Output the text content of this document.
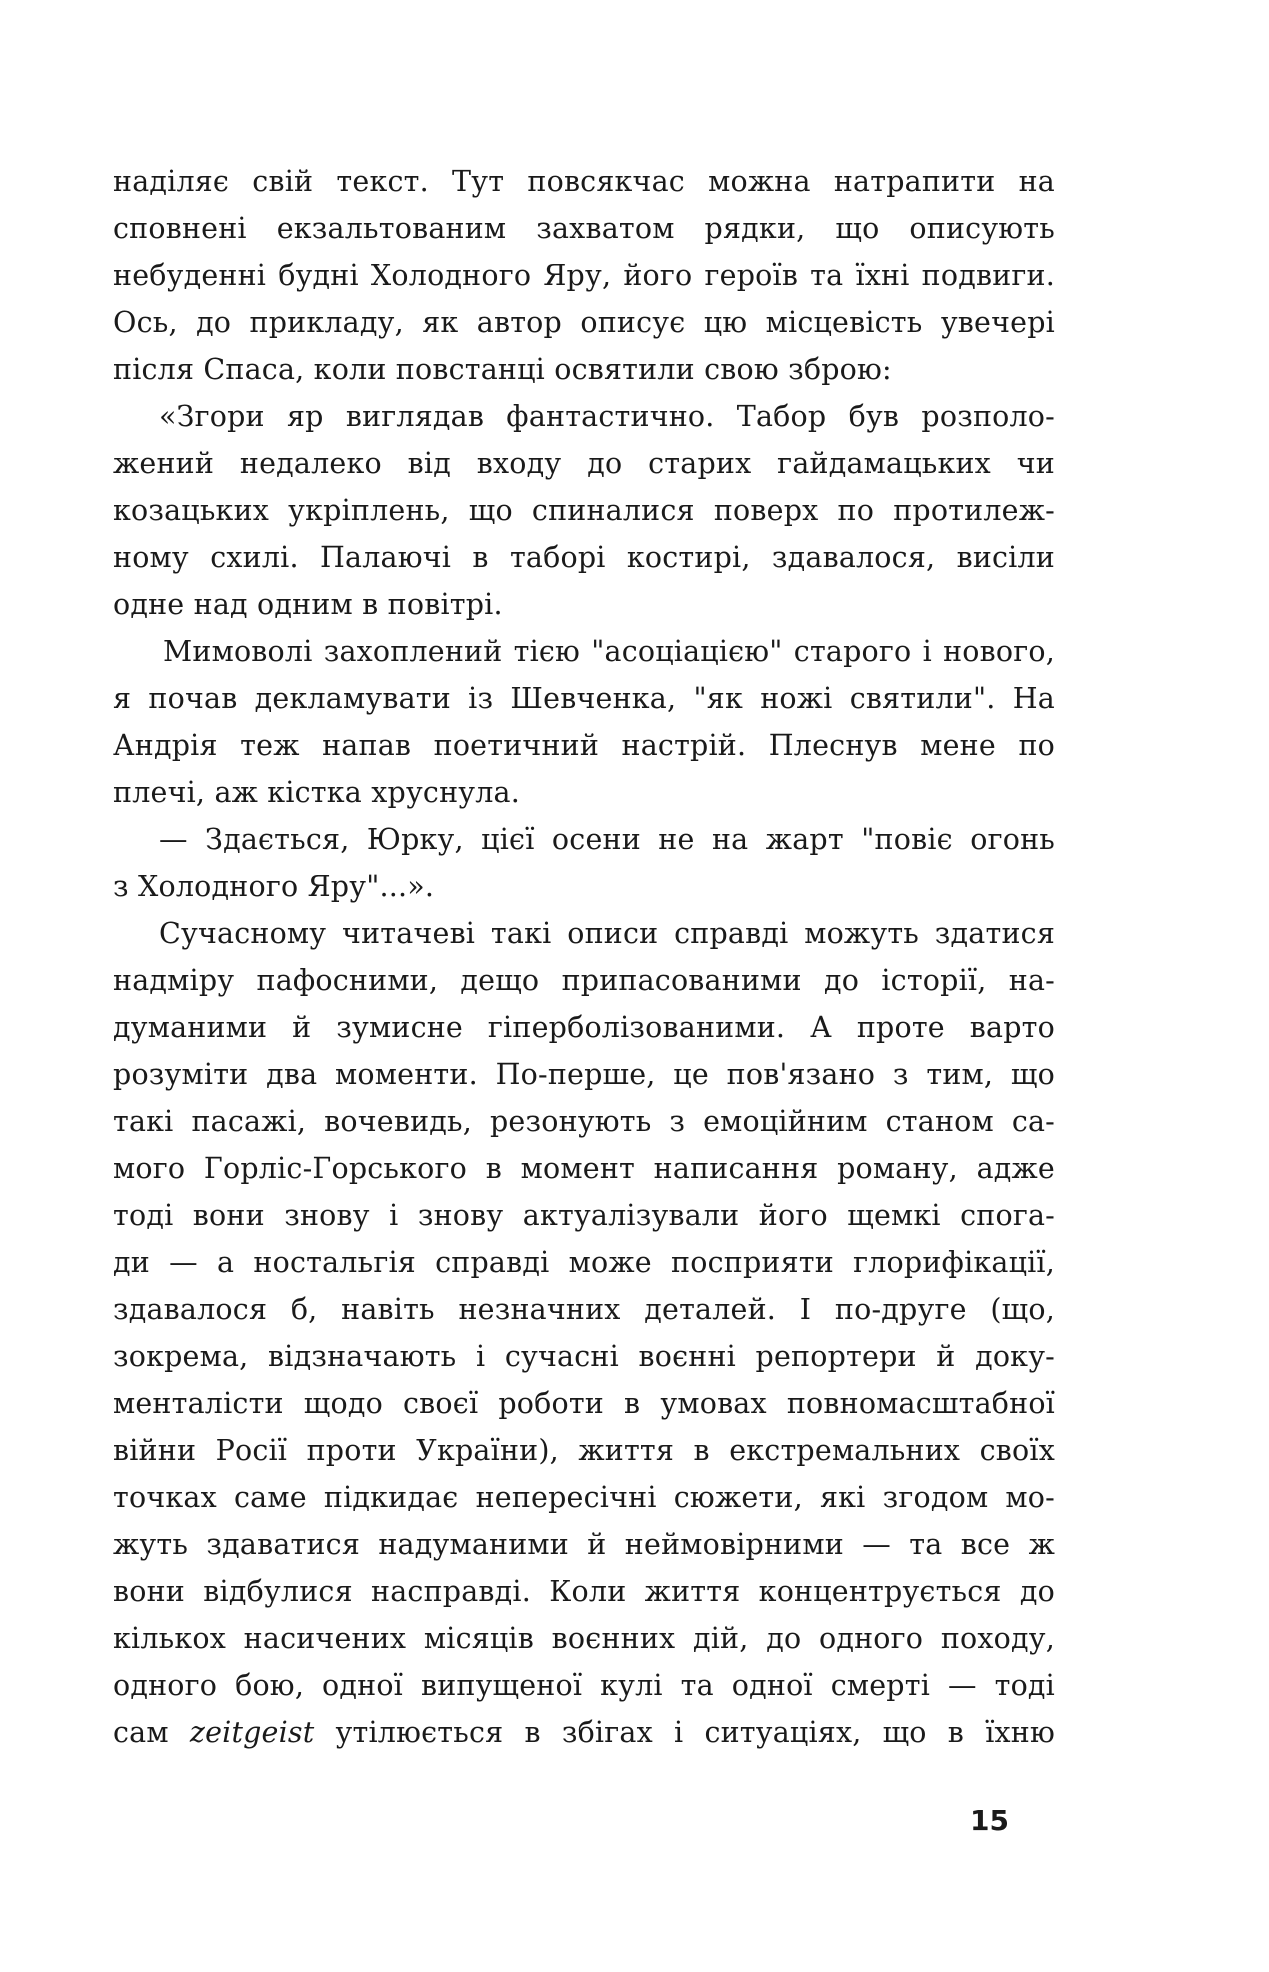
наділяє свій текст. Тут повсякчас можна натрапити на
сповнені екзальтованим захватом рядки, що описують
небуденні будні Холодного Яру, його героїв та їхні подвиги.
Ось, до прикладу, як автор описує цю місцевість увечері
після Спаса, коли повстанці освятили свою зброю:
«Згори яр виглядав фантастично. Табор був розполо-
жений недалеко від входу до старих гайдамацьких чи
козацьких укріплень, що спиналися поверх по протилеж-
ному схилі. Палаючі в таборі костирі, здавалося, висіли
одне над одним в повітрі.
Мимоволі захоплений тією "асоціацією" старого і нового,
я почав декламувати із Шевченка, "як ножі святили". На
Андрія теж напав поетичний настрій. Плеснув мене по
плечі, аж кістка хруснула.
— Здається, Юрку, цієї осени не на жарт "повіє огонь
з Холодного Яру"...».
Сучасному читачеві такі описи справді можуть здатися
надміру пафосними, дещо припасованими до історії, на-
думаними й зумисне гіперболізованими. А проте варто
розуміти два моменти. По-перше, це пов'язано з тим, що
такі пасажі, вочевидь, резонують з емоційним станом са-
мого Горліс-Горського в момент написання роману, адже
тоді вони знову і знову актуалізували його щемкі спога-
ди — а ностальгія справді може посприяти глорифікації,
здавалося б, навіть незначних деталей. І по-друге (що,
зокрема, відзначають і сучасні воєнні репортери й доку-
менталісти щодо своєї роботи в умовах повномасштабної
війни Росії проти України), життя в екстремальних своїх
точках саме підкидає непересічні сюжети, які згодом мо-
жуть здаватися надуманими й неймовірними — та все ж
вони відбулися насправді. Коли життя концентрується до
кількох насичених місяців воєнних дій, до одного походу,
одного бою, одної випущеної кулі та одної смерті — тоді
сам zeitgeist утілюється в збігах і ситуаціях, що в їхню
15
